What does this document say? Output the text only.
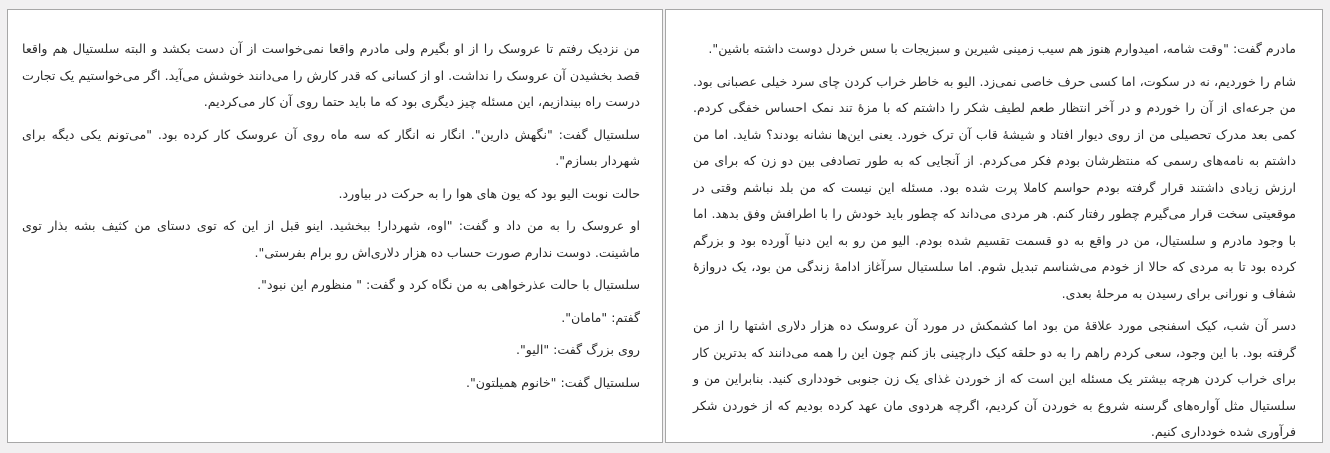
من نزدیک رفتم تا عروسک را از او بگیرم ولی مادرم واقعا نمی‌خواست از آن دست بکشد و البته سلستیال هم واقعا قصد بخشیدن آن عروسک را نداشت. او از کسانی که قدر کارش را می‌دانند خوشش می‌آید. اگر می‌خواستیم یک تجارت درست راه بیندازیم، این مسئله چیز دیگری بود که ما باید حتما روی آن کار می‌کردیم.

سلستیال گفت: "نگهش دارین". انگار نه انگار که سه ماه روی آن عروسک کار کرده بود. "می‌تونم یکی دیگه برای شهردار بسازم".

حالت نوبت الیو بود که یون های هوا را به حرکت در بیاورد.

او عروسک را به من داد و گفت: "اوه، شهردار! ببخشید. اینو قبل از این که توی دستای من کثیف بشه بذار توی ماشینت. دوست ندارم صورت حساب ده هزار دلاری‌اش رو برام بفرستی".

سلستیال با حالت عذرخواهی به من نگاه کرد و گفت: " منظورم این نبود".

گفتم: "مامان".

روی بزرگ گفت: "الیو".

سلستیال گفت: "خانوم همیلتون".

مادرم گفت: "وقت شامه، امیدوارم هنوز هم سیب زمینی شیرین و سبزیجات با سس خردل دوست داشته باشین".

شام را خوردیم، نه در سکوت، اما کسی حرف خاصی نمی‌زد. الیو به خاطر خراب کردن چای سرد خیلی عصبانی بود. من جرعه‌ای از آن را خوردم و در آخر انتظار طعم لطیف شکر را داشتم که با مزهٔ تند نمک احساس خفگی کردم. کمی بعد مدرک تحصیلی من از روی دیوار افتاد و شیشهٔ قاب آن ترک خورد. یعنی این‌ها نشانه بودند؟ شاید. اما من داشتم به نامه‌های رسمی که منتظرشان بودم فکر می‌کردم. از آنجایی که به طور تصادفی بین دو زن که برای من ارزش زیادی داشتند قرار گرفته بودم حواسم کاملا پرت شده بود. مسئله این نیست که من بلد نباشم وقتی در موقعیتی سخت قرار می‌گیرم چطور رفتار کنم. هر مردی می‌داند که چطور باید خودش را با اطرافش وفق بدهد. اما با وجود مادرم و سلستیال، من در واقع به دو قسمت تقسیم شده بودم. الیو من رو به این دنیا آورده بود و بزرگم کرده بود تا به مردی که حالا از خودم می‌شناسم تبدیل شوم. اما سلستیال سرآغاز ادامهٔ زندگی من بود، یک دروازهٔ شفاف و نورانی برای رسیدن به مرحلهٔ بعدی.

دسر آن شب، کیک اسفنجی مورد علاقهٔ من بود اما کشمکش در مورد آن عروسک ده هزار دلاری اشتها را از من گرفته بود. با این وجود، سعی کردم راهم را به دو حلقه کیک دارچینی باز کنم چون این را همه می‌دانند که بدترین کار برای خراب کردن هرچه بیشتر یک مسئله این است که از خوردن غذای یک زن جنوبی خودداری کنید. بنابراین من و سلستیال مثل آواره‌های گرسنه شروع به خوردن آن کردیم، اگرچه هردوی مان عهد کرده بودیم که از خوردن شکر فرآوری شده خودداری کنیم.
